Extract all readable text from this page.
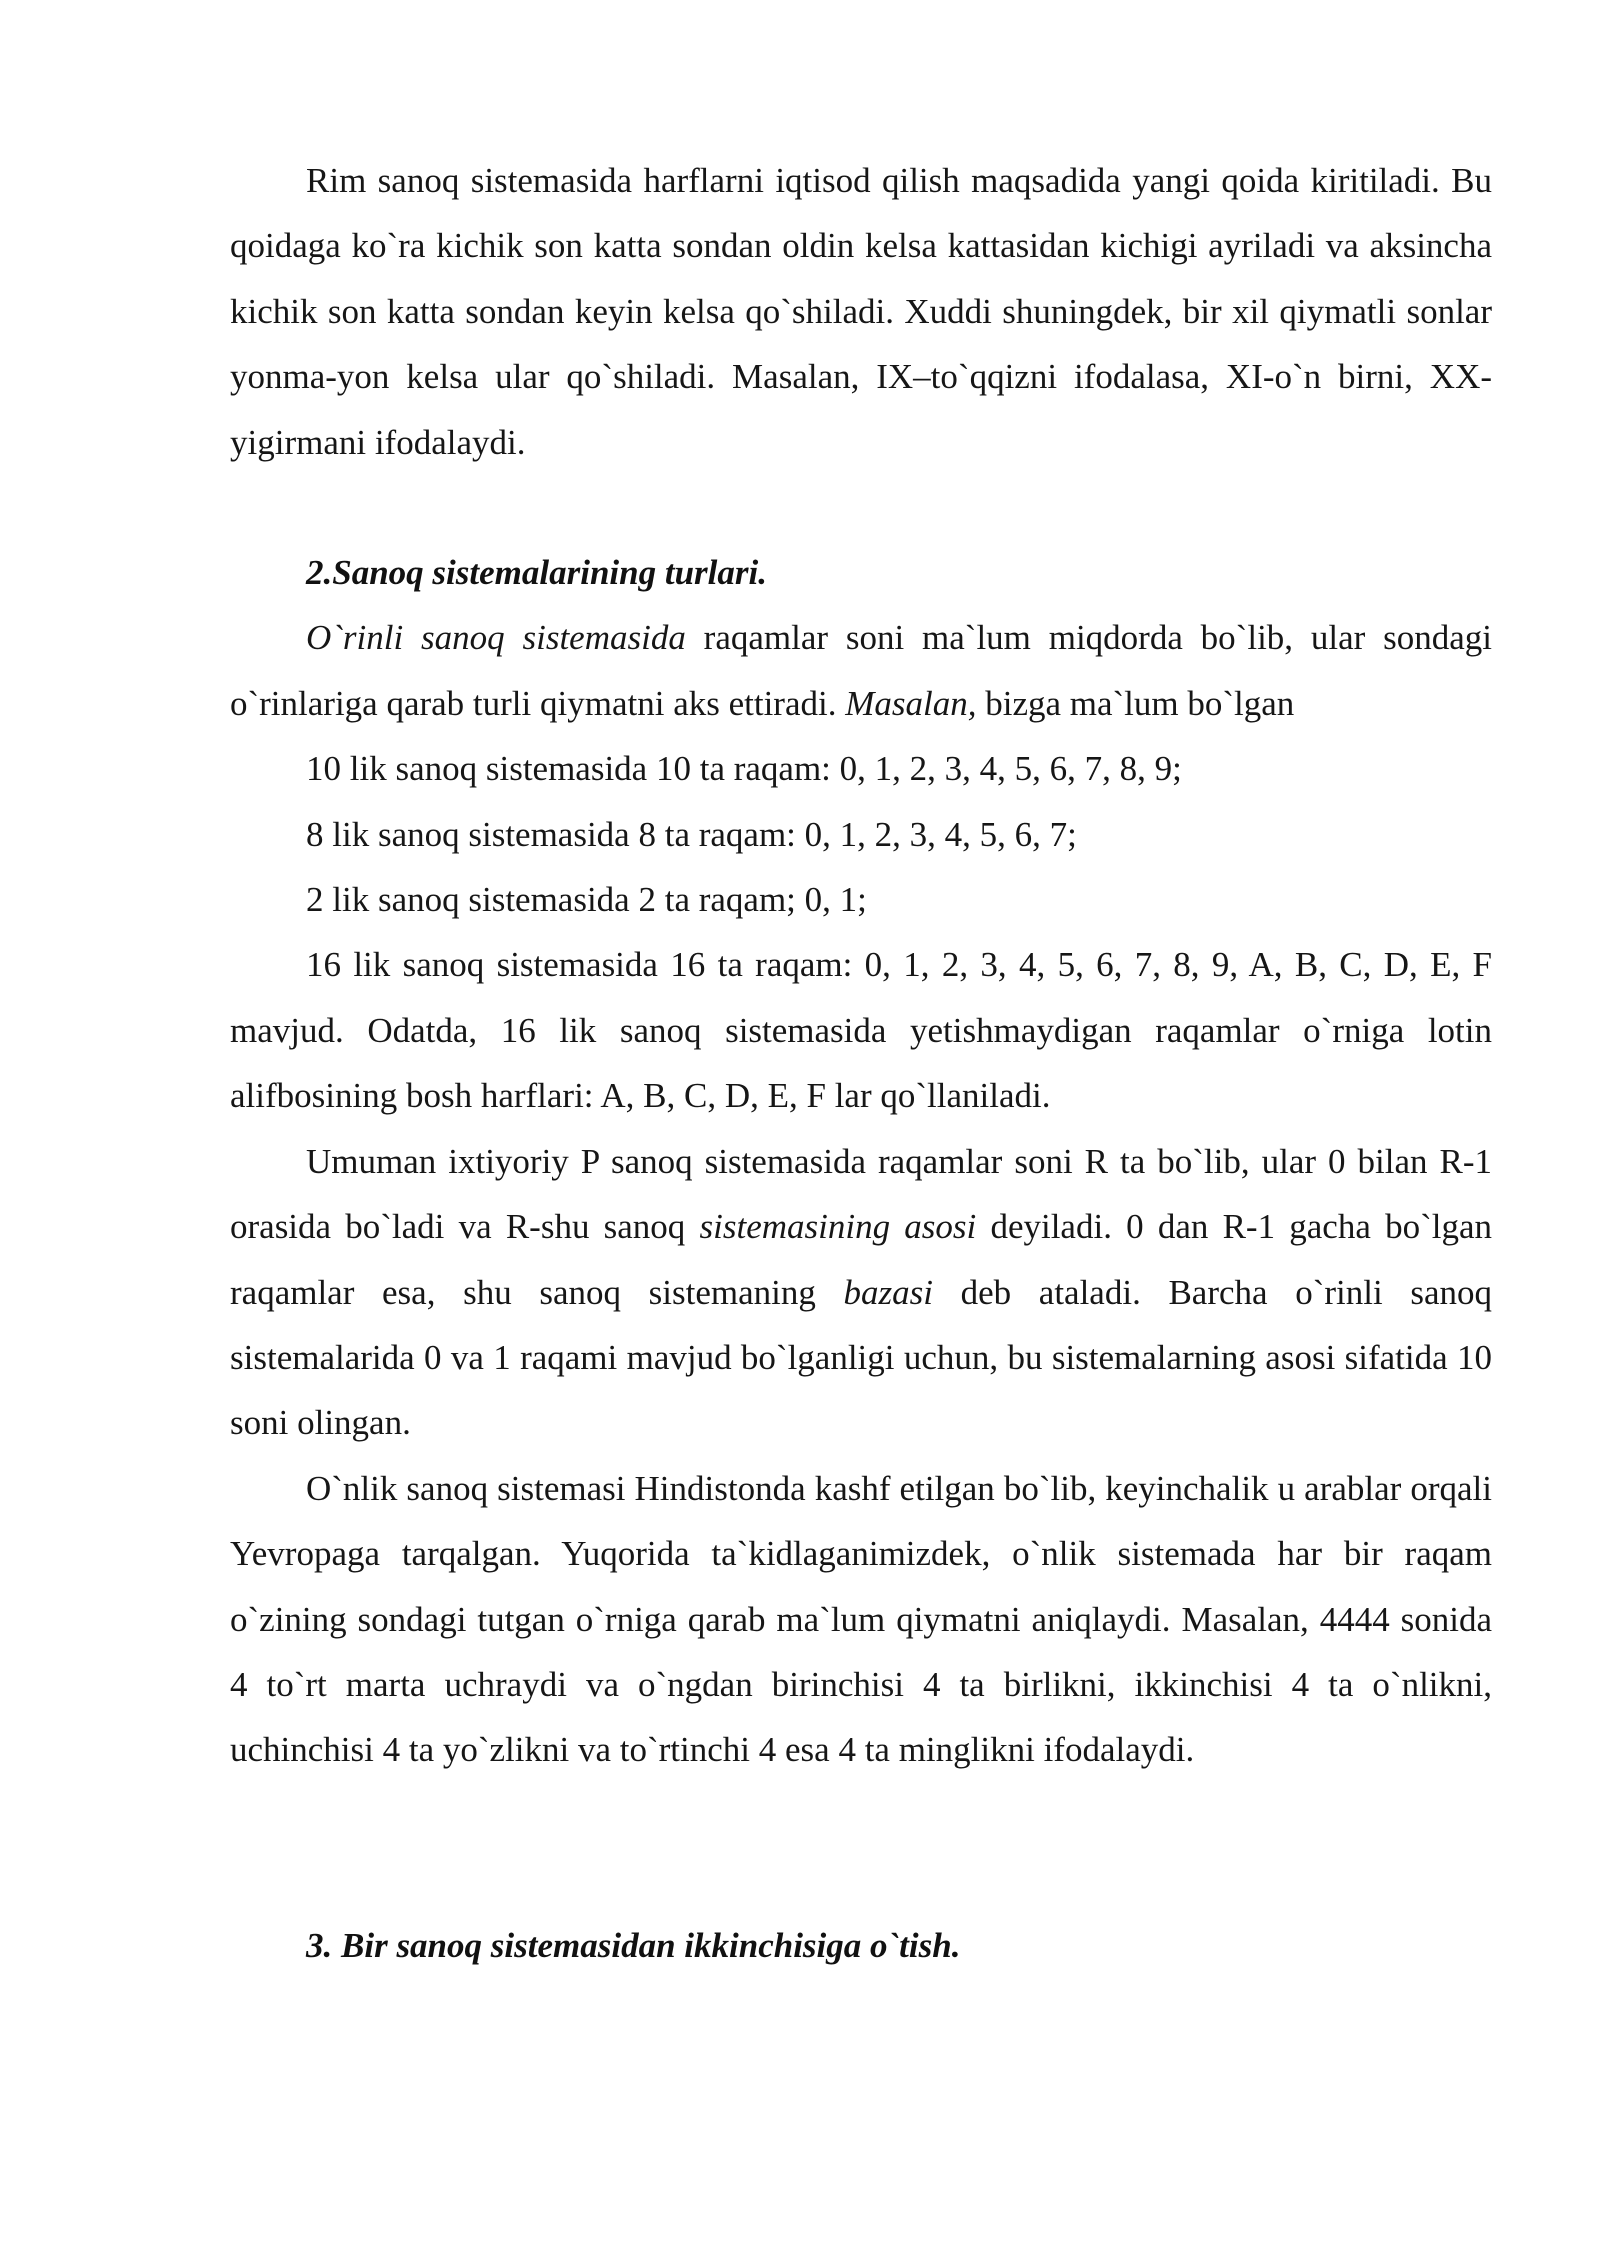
Rim sanoq sistemasida harflarni iqtisod qilish maqsadida yangi qoida kiritiladi. Bu qoidaga ko`ra kichik son katta sondan oldin kelsa kattasidan kichigi ayriladi va aksincha kichik son katta sondan keyin kelsa qo`shiladi. Xuddi shuningdek, bir xil qiymatli sonlar yonma-yon kelsa ular qo`shiladi. Masalan, IX–to`qqizni ifodalasa, XI-o`n birni, XX-yigirmani ifodalaydi.

2.Sanoq sistemalarining turlari.

O`rinli sanoq sistemasida raqamlar soni ma`lum miqdorda bo`lib, ular sondagi o`rinlariga qarab turli qiymatni aks ettiradi. Masalan, bizga ma`lum bo`lgan

10 lik sanoq sistemasida 10 ta raqam: 0, 1, 2, 3, 4, 5, 6, 7, 8, 9;

8 lik sanoq sistemasida 8 ta raqam: 0, 1, 2, 3, 4, 5, 6, 7;

2 lik sanoq sistemasida 2 ta raqam; 0, 1;

16 lik sanoq sistemasida 16 ta raqam: 0, 1, 2, 3, 4, 5, 6, 7, 8, 9, A, B, C, D, E, F mavjud. Odatda, 16 lik sanoq sistemasida yetishmaydigan raqamlar o`rniga lotin alifbosining bosh harflari: A, B, C, D, E, F lar qo`llaniladi.

Umuman ixtiyoriy P sanoq sistemasida raqamlar soni R ta bo`lib, ular 0 bilan R-1 orasida bo`ladi va R-shu sanoq sistemasining asosi deyiladi. 0 dan R-1 gacha bo`lgan raqamlar esa, shu sanoq sistemaning bazasi deb ataladi. Barcha o`rinli sanoq sistemalarida 0 va 1 raqami mavjud bo`lganligi uchun, bu sistemalarning asosi sifatida 10 soni olingan.

O`nlik sanoq sistemasi Hindistonda kashf etilgan bo`lib, keyinchalik u arablar orqali Yevropaga tarqalgan. Yuqorida ta`kidlaganimizdek, o`nlik sistemada har bir raqam o`zining sondagi tutgan o`rniga qarab ma`lum qiymatni aniqlaydi. Masalan, 4444 sonida 4 to`rt marta uchraydi va o`ngdan birinchisi 4 ta birlikni, ikkinchisi 4 ta o`nlikni, uchinchisi 4 ta yo`zlikni va to`rtinchi 4 esa 4 ta minglikni ifodalaydi.

3. Bir sanoq sistemasidan ikkinchisiga o`tish.
